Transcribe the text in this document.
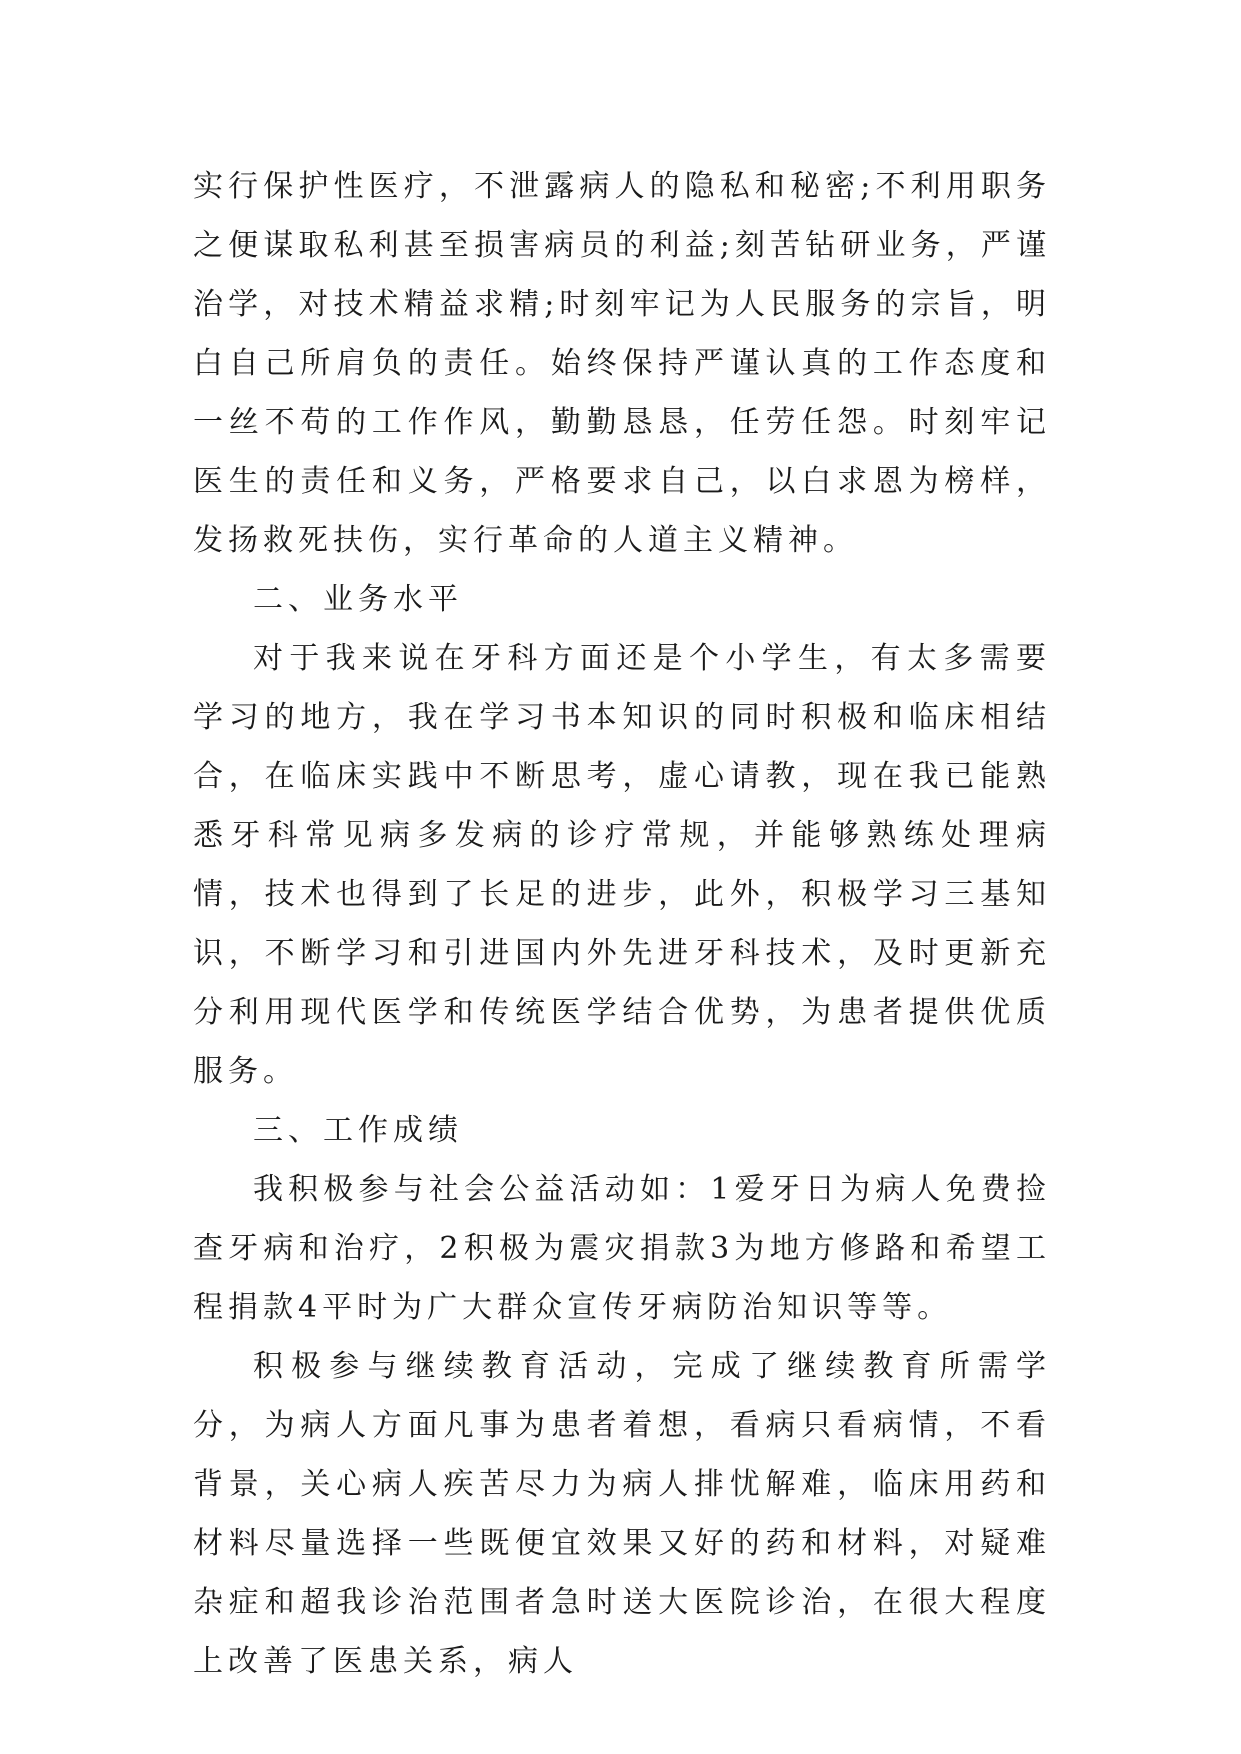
实行保护性医疗，不泄露病人的隐私和秘密;不利用职务之便谋取私利甚至损害病员的利益;刻苦钻研业务，严谨治学，对技术精益求精;时刻牢记为人民服务的宗旨，明白自己所肩负的责任。始终保持严谨认真的工作态度和一丝不苟的工作作风，勤勤恳恳，任劳任怨。时刻牢记医生的责任和义务，严格要求自己，以白求恩为榜样，发扬救死扶伤，实行革命的人道主义精神。

二、业务水平

对于我来说在牙科方面还是个小学生，有太多需要学习的地方，我在学习书本知识的同时积极和临床相结合，在临床实践中不断思考，虚心请教，现在我已能熟悉牙科常见病多发病的诊疗常规，并能够熟练处理病情，技术也得到了长足的进步，此外，积极学习三基知识，不断学习和引进国内外先进牙科技术，及时更新充分利用现代医学和传统医学结合优势，为患者提供优质服务。

三、工作成绩

我积极参与社会公益活动如：1爱牙日为病人免费捡查牙病和治疗，2积极为震灾捐款3为地方修路和希望工程捐款4平时为广大群众宣传牙病防治知识等等。

积极参与继续教育活动，完成了继续教育所需学分，为病人方面凡事为患者着想，看病只看病情，不看背景，关心病人疾苦尽力为病人排忧解难，临床用药和材料尽量选择一些既便宜效果又好的药和材料，对疑难杂症和超我诊治范围者急时送大医院诊治，在很大程度上改善了医患关系，病人
